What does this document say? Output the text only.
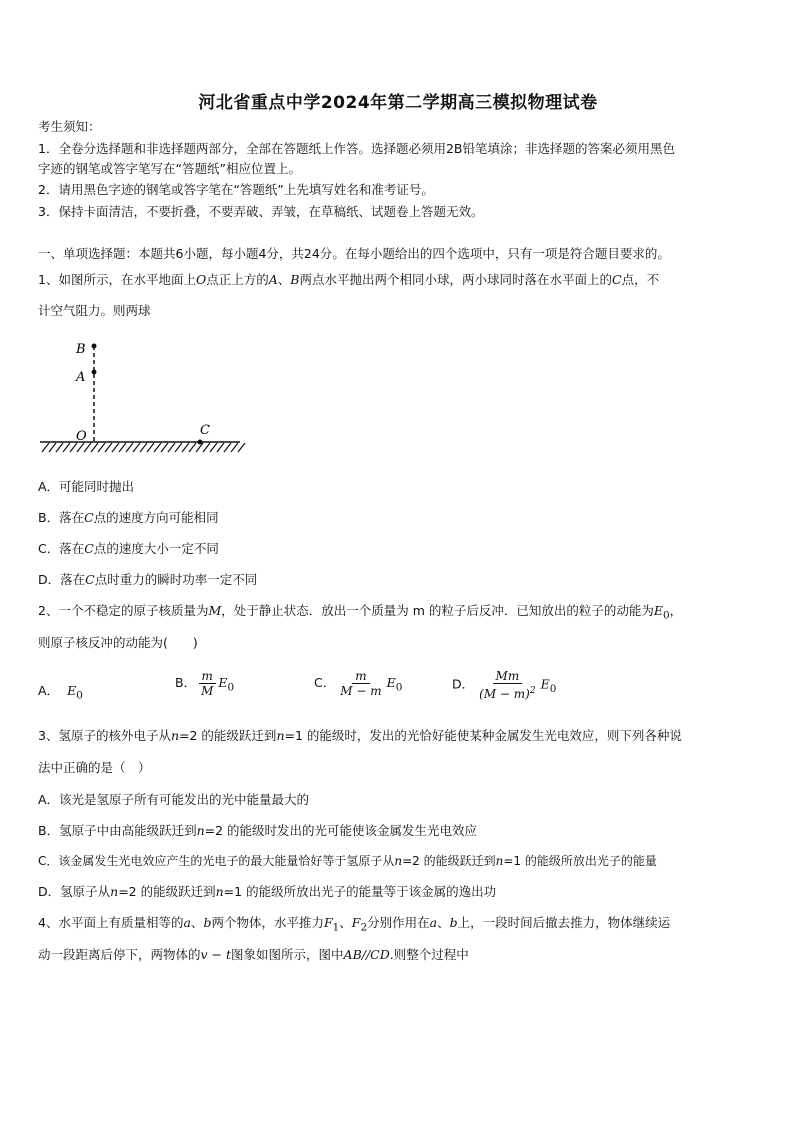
河北省重点中学2024年第二学期高三模拟物理试卷
考生须知：
1．全卷分选择题和非选择题两部分，全部在答题纸上作答。选择题必须用2B铅笔填涂；非选择题的答案必须用黑色
字迹的钢笔或答字笔写在“答题纸”相应位置上。
2．请用黑色字迹的钢笔或答字笔在“答题纸”上先填写姓名和准考证号。
3．保持卡面清洁，不要折叠，不要弄破、弄皱，在草稿纸、试题卷上答题无效。
一、单项选择题：本题共6小题，每小题4分，共24分。在每小题给出的四个选项中，只有一项是符合题目要求的。
1、如图所示，在水平地面上O点正上方的A、B两点水平抛出两个相同小球，两小球同时落在水平面上的C点，不
计空气阻力。则两球
B
A
O	C
A．可能同时抛出
B．落在C点的速度方向可能相同
C．落在C点的速度大小一定不同
D．落在C点时重力的瞬时功率一定不同
2、一个不稳定的原子核质量为M，处于静止状态．放出一个质量为 m 的粒子后反冲．已知放出的粒子的动能为$E_0$，
则原子核反冲的动能为(　　)
A． $E_0$
B． $\frac{m}{M} E_0$	C． $\frac{m}{M - m} E_0$	D． $\frac{Mm}{(M - m)^2} E_0$
3、氢原子的核外电子从n=2 的能级跃迁到n=1 的能级时，发出的光恰好能使某种金属发生光电效应，则下列各种说
法中正确的是（　）
A．该光是氢原子所有可能发出的光中能量最大的
B．氢原子中由高能级跃迁到n=2 的能级时发出的光可能使该金属发生光电效应
C．该金属发生光电效应产生的光电子的最大能量恰好等于氢原子从n=2 的能级跃迁到n=1 的能级所放出光子的能量
D．氢原子从n=2 的能级跃迁到n=1 的能级所放出光子的能量等于该金属的逸出功
4、水平面上有质量相等的a、b两个物体，水平推力$F_1$、$F_2$分别作用在a、b上，一段时间后撤去推力，物体继续运
动一段距离后停下，两物体的v − t图象如图所示，图中AB//CD.则整个过程中
